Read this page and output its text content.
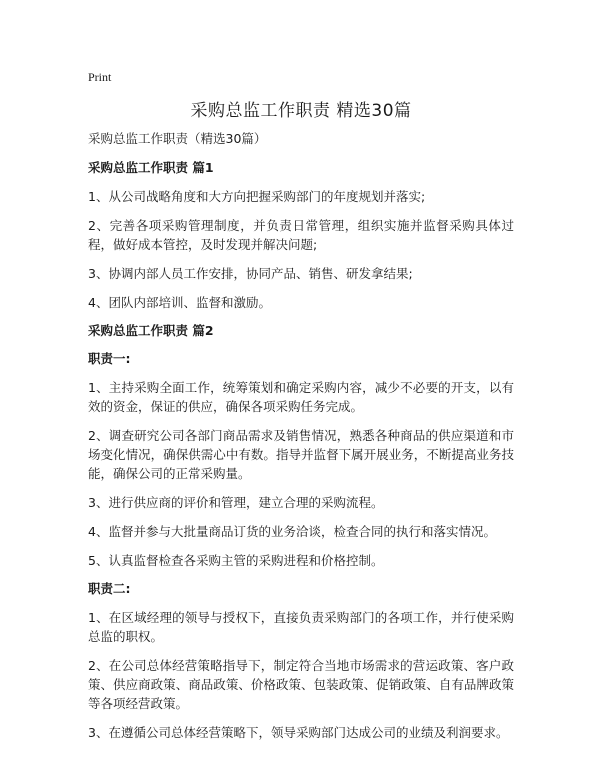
Print
采购总监工作职责 精选30篇

采购总监工作职责（精选30篇）

采购总监工作职责 篇1

1、从公司战略角度和大方向把握采购部门的年度规划并落实;

2、完善各项采购管理制度，并负责日常管理，组织实施并监督采购具体过程，做好成本管控，及时发现并解决问题;

3、协调内部人员工作安排，协同产品、销售、研发拿结果;

4、团队内部培训、监督和激励。

采购总监工作职责 篇2
职责一:

1、主持采购全面工作，统筹策划和确定采购内容，减少不必要的开支，以有效的资金，保证的供应，确保各项采购任务完成。

2、调查研究公司各部门商品需求及销售情况，熟悉各种商品的供应渠道和市场变化情况，确保供需心中有数。指导并监督下属开展业务，不断提高业务技能，确保公司的正常采购量。

3、进行供应商的评价和管理，建立合理的采购流程。

4、监督并参与大批量商品订货的业务洽谈，检查合同的执行和落实情况。

5、认真监督检查各采购主管的采购进程和价格控制。

职责二:

1、在区域经理的领导与授权下，直接负责采购部门的各项工作，并行使采购总监的职权。

2、在公司总体经营策略指导下，制定符合当地市场需求的营运政策、客户政策、供应商政策、商品政策、价格政策、包装政策、促销政策、自有品牌政策等各项经营政策。

3、在遵循公司总体经营策略下，领导采购部门达成公司的业绩及利润要求。
